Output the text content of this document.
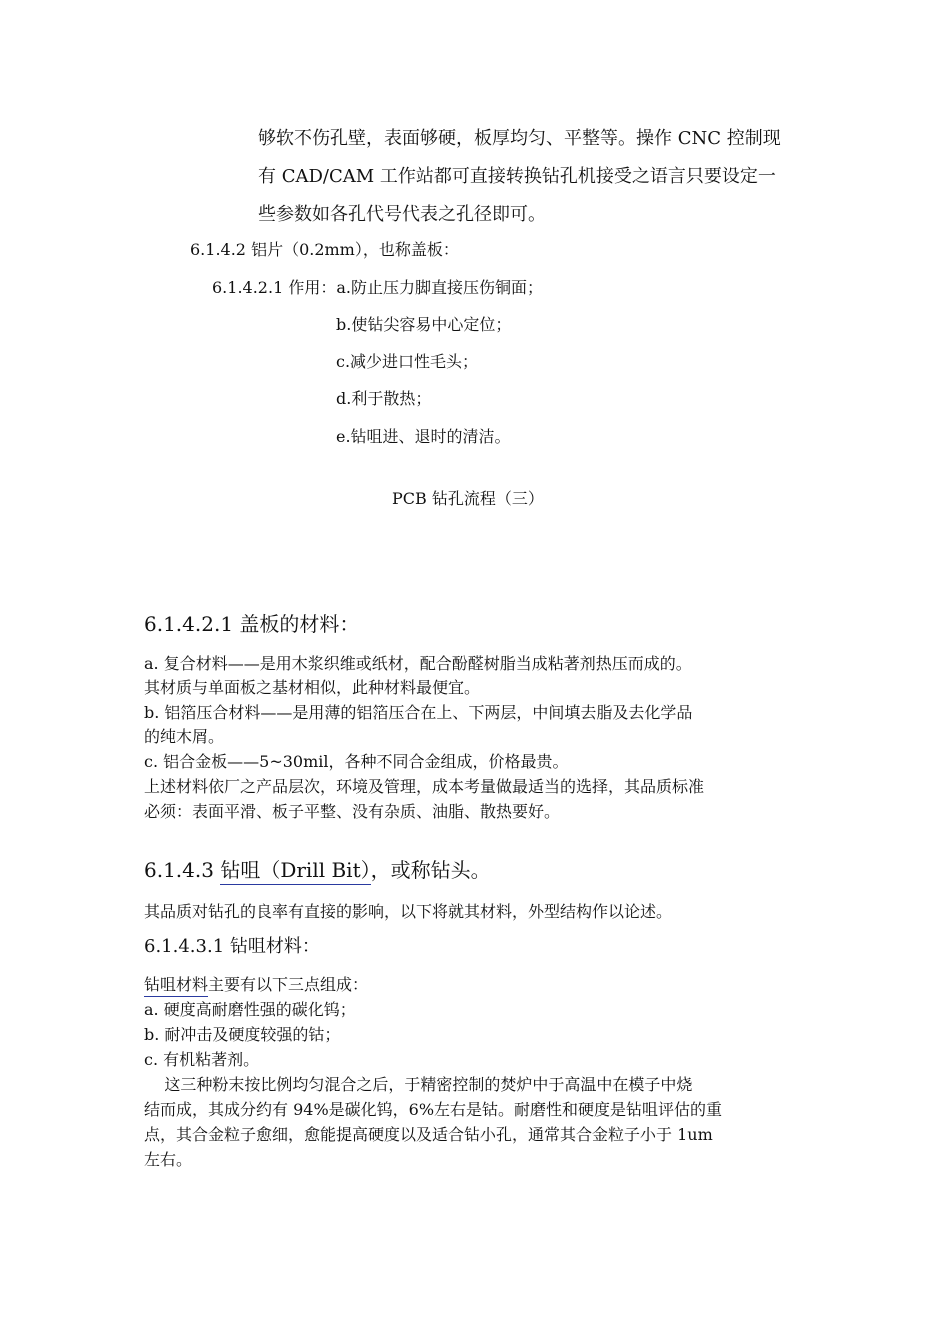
够软不伤孔壁，表面够硬，板厚均匀、平整等。操作 CNC 控制现

有 CAD/CAM 工作站都可直接转换钻孔机接受之语言只要设定一

些参数如各孔代号代表之孔径即可。

6.1.4.2 铝片（0.2mm），也称盖板：

6.1.4.2.1 作用：a.防止压力脚直接压伤铜面；

b.使钻尖容易中心定位；

c.减少进口性毛头；

d.利于散热；

e.钻咀进、退时的清洁。

PCB 钻孔流程（三）

6.1.4.2.1 盖板的材料：

a. 复合材料——是用木浆织维或纸材，配合酚醛树脂当成粘著剂热压而成的。

其材质与单面板之基材相似，此种材料最便宜。

b. 铝箔压合材料——是用薄的铝箔压合在上、下两层，中间填去脂及去化学品

的纯木屑。

c. 铝合金板——5~30mil，各种不同合金组成，价格最贵。

上述材料依厂之产品层次，环境及管理，成本考量做最适当的选择，其品质标准

必须：表面平滑、板子平整、没有杂质、油脂、散热要好。

6.1.4.3 钻咀（Drill Bit），或称钻头。

其品质对钻孔的良率有直接的影响，以下将就其材料，外型结构作以论述。

6.1.4.3.1 钻咀材料：

钻咀材料主要有以下三点组成：

a. 硬度高耐磨性强的碳化钨；

b. 耐冲击及硬度较强的钴；

c. 有机粘著剂。

这三种粉末按比例均匀混合之后，于精密控制的焚炉中于高温中在模子中烧

结而成，其成分约有 94%是碳化钨，6%左右是钴。耐磨性和硬度是钻咀评估的重

点，其合金粒子愈细，愈能提高硬度以及适合钻小孔，通常其合金粒子小于 1um

左右。
